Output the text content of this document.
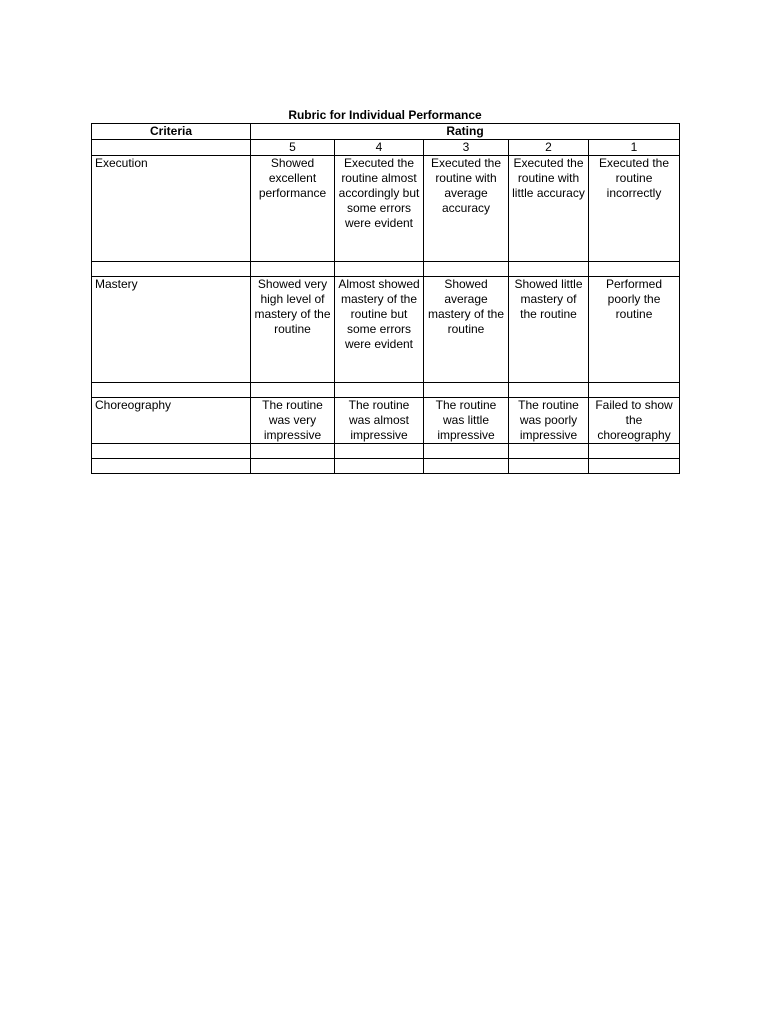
Rubric for Individual Performance
Criteria	Rating				
	5	4	3	2	1
Execution	Showed excellent performance	Executed the routine almost accordingly but some errors were evident	Executed the routine with average accuracy	Executed the routine with little accuracy	Executed the routine incorrectly

Mastery	Showed very high level of mastery of the routine	Almost showed mastery of the routine but some errors were evident	Showed average mastery of the routine	Showed little mastery of the routine	Performed poorly the routine

Choreography	The routine was very impressive	The routine was almost impressive	The routine was little impressive	The routine was poorly impressive	Failed to show the choreography
